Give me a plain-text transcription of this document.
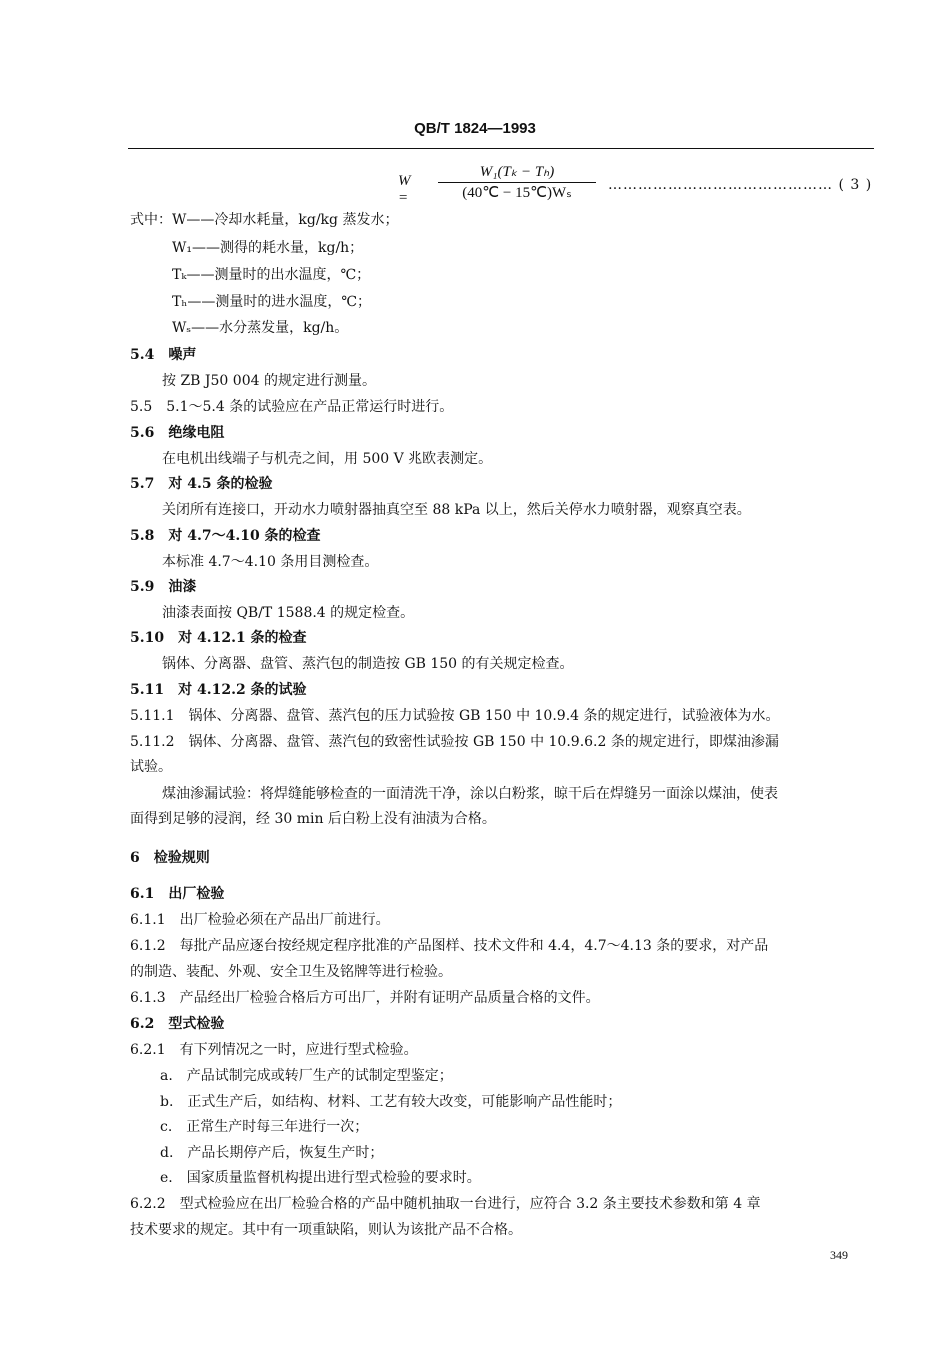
QB/T 1824—1993
W =
W₁(Tₖ − Tₕ)
(40℃ − 15℃)Wₛ	……………………………………… ( 3 )
式中：W——冷却水耗量，kg/kg 蒸发水；
W₁——测得的耗水量，kg/h；
Tₖ——测量时的出水温度，℃；
Tₕ——测量时的进水温度，℃；
Wₛ——水分蒸发量，kg/h。
5.4　噪声
按 ZB J50 004 的规定进行测量。
5.5　5.1～5.4 条的试验应在产品正常运行时进行。
5.6　绝缘电阻
在电机出线端子与机壳之间，用 500 V 兆欧表测定。
5.7　对 4.5 条的检验
关闭所有连接口，开动水力喷射器抽真空至 88 kPa 以上，然后关停水力喷射器，观察真空表。
5.8　对 4.7～4.10 条的检查
本标准 4.7～4.10 条用目测检查。
5.9　油漆
油漆表面按 QB/T 1588.4 的规定检查。
5.10　对 4.12.1 条的检查
锅体、分离器、盘管、蒸汽包的制造按 GB 150 的有关规定检查。
5.11　对 4.12.2 条的试验
5.11.1　锅体、分离器、盘管、蒸汽包的压力试验按 GB 150 中 10.9.4 条的规定进行，试验液体为水。
5.11.2　锅体、分离器、盘管、蒸汽包的致密性试验按 GB 150 中 10.9.6.2 条的规定进行，即煤油渗漏
试验。
煤油渗漏试验：将焊缝能够检查的一面清洗干净，涂以白粉浆，晾干后在焊缝另一面涂以煤油，使表
面得到足够的浸润，经 30 min 后白粉上没有油渍为合格。
6　检验规则
6.1　出厂检验
6.1.1　出厂检验必须在产品出厂前进行。
6.1.2　每批产品应逐台按经规定程序批准的产品图样、技术文件和 4.4，4.7～4.13 条的要求，对产品
的制造、装配、外观、安全卫生及铭牌等进行检验。
6.1.3　产品经出厂检验合格后方可出厂，并附有证明产品质量合格的文件。
6.2　型式检验
6.2.1　有下列情况之一时，应进行型式检验。
a.　产品试制完成或转厂生产的试制定型鉴定；
b.　正式生产后，如结构、材料、工艺有较大改变，可能影响产品性能时；
c.　正常生产时每三年进行一次；
d.　产品长期停产后，恢复生产时；
e.　国家质量监督机构提出进行型式检验的要求时。
6.2.2　型式检验应在出厂检验合格的产品中随机抽取一台进行，应符合 3.2 条主要技术参数和第 4 章
技术要求的规定。其中有一项重缺陷，则认为该批产品不合格。
349
